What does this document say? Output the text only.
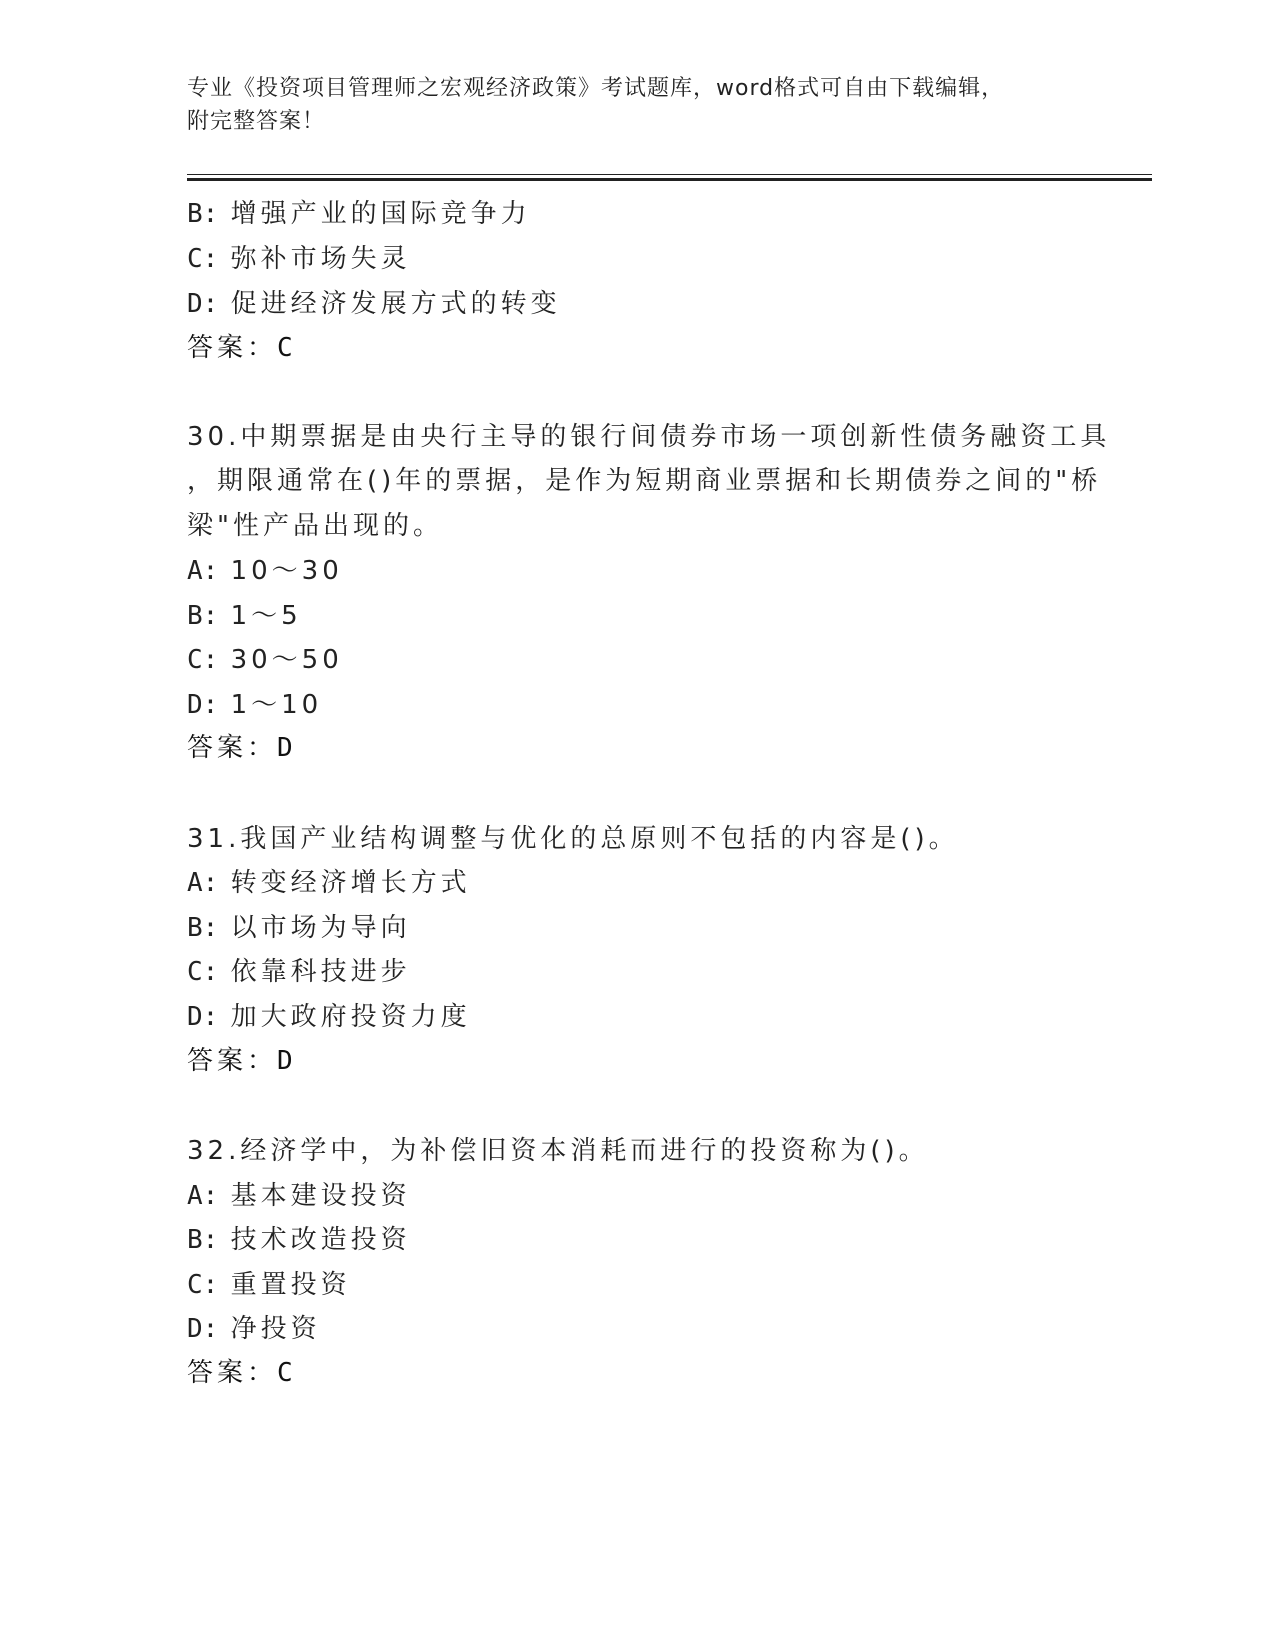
专业《投资项目管理师之宏观经济政策》考试题库，word格式可自由下载编辑，
附完整答案！
B: 增强产业的国际竞争力
C: 弥补市场失灵
D: 促进经济发展方式的转变
答案：C
30.中期票据是由央行主导的银行间债券市场一项创新性债务融资工具
，期限通常在()年的票据，是作为短期商业票据和长期债券之间的"桥
梁"性产品出现的。
A: 10～30
B: 1～5
C: 30～50
D: 1～10
答案：D
31.我国产业结构调整与优化的总原则不包括的内容是()。
A: 转变经济增长方式
B: 以市场为导向
C: 依靠科技进步
D: 加大政府投资力度
答案：D
32.经济学中，为补偿旧资本消耗而进行的投资称为()。
A: 基本建设投资
B: 技术改造投资
C: 重置投资
D: 净投资
答案：C
